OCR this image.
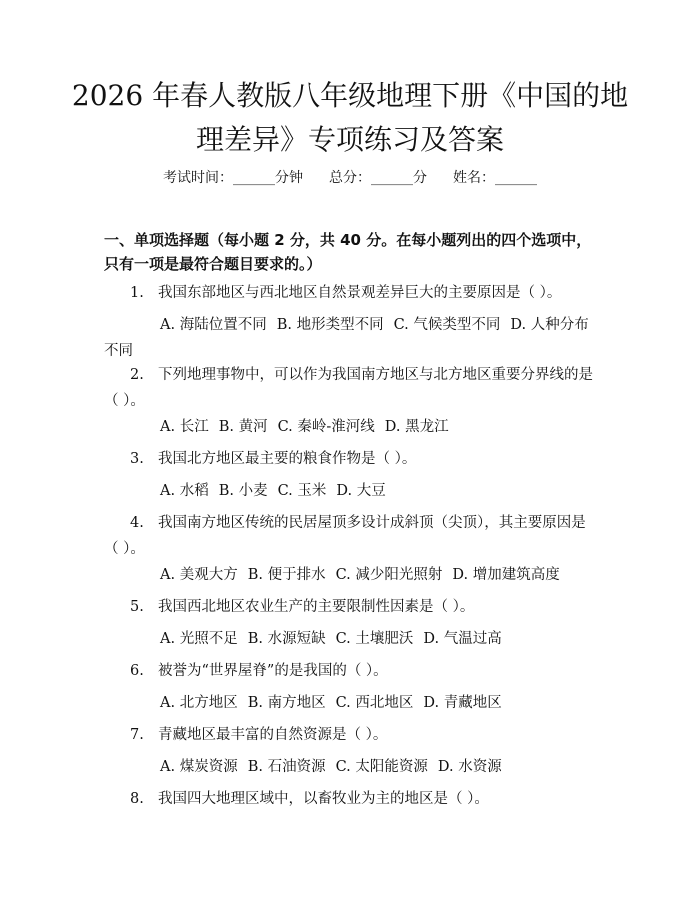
2026 年春人教版八年级地理下册《中国的地理差异》专项练习及答案
考试时间：______分钟 总分：______分 姓名：______
一、单项选择题（每小题 2 分，共 40 分。在每小题列出的四个选项中，只有一项是最符合题目要求的。）
1. 我国东部地区与西北地区自然景观差异巨大的主要原因是（ ）。
A. 海陆位置不同 B. 地形类型不同 C. 气候类型不同 D. 人种分布不同
2. 下列地理事物中，可以作为我国南方地区与北方地区重要分界线的是（ ）。
A. 长江 B. 黄河 C. 秦岭-淮河线 D. 黑龙江
3. 我国北方地区最主要的粮食作物是（ ）。
A. 水稻 B. 小麦 C. 玉米 D. 大豆
4. 我国南方地区传统的民居屋顶多设计成斜顶（尖顶），其主要原因是（ ）。
A. 美观大方 B. 便于排水 C. 减少阳光照射 D. 增加建筑高度
5. 我国西北地区农业生产的主要限制性因素是（ ）。
A. 光照不足 B. 水源短缺 C. 土壤肥沃 D. 气温过高
6. 被誉为“世界屋脊”的是我国的（ ）。
A. 北方地区 B. 南方地区 C. 西北地区 D. 青藏地区
7. 青藏地区最丰富的自然资源是（ ）。
A. 煤炭资源 B. 石油资源 C. 太阳能资源 D. 水资源
8. 我国四大地理区域中，以畜牧业为主的地区是（ ）。
